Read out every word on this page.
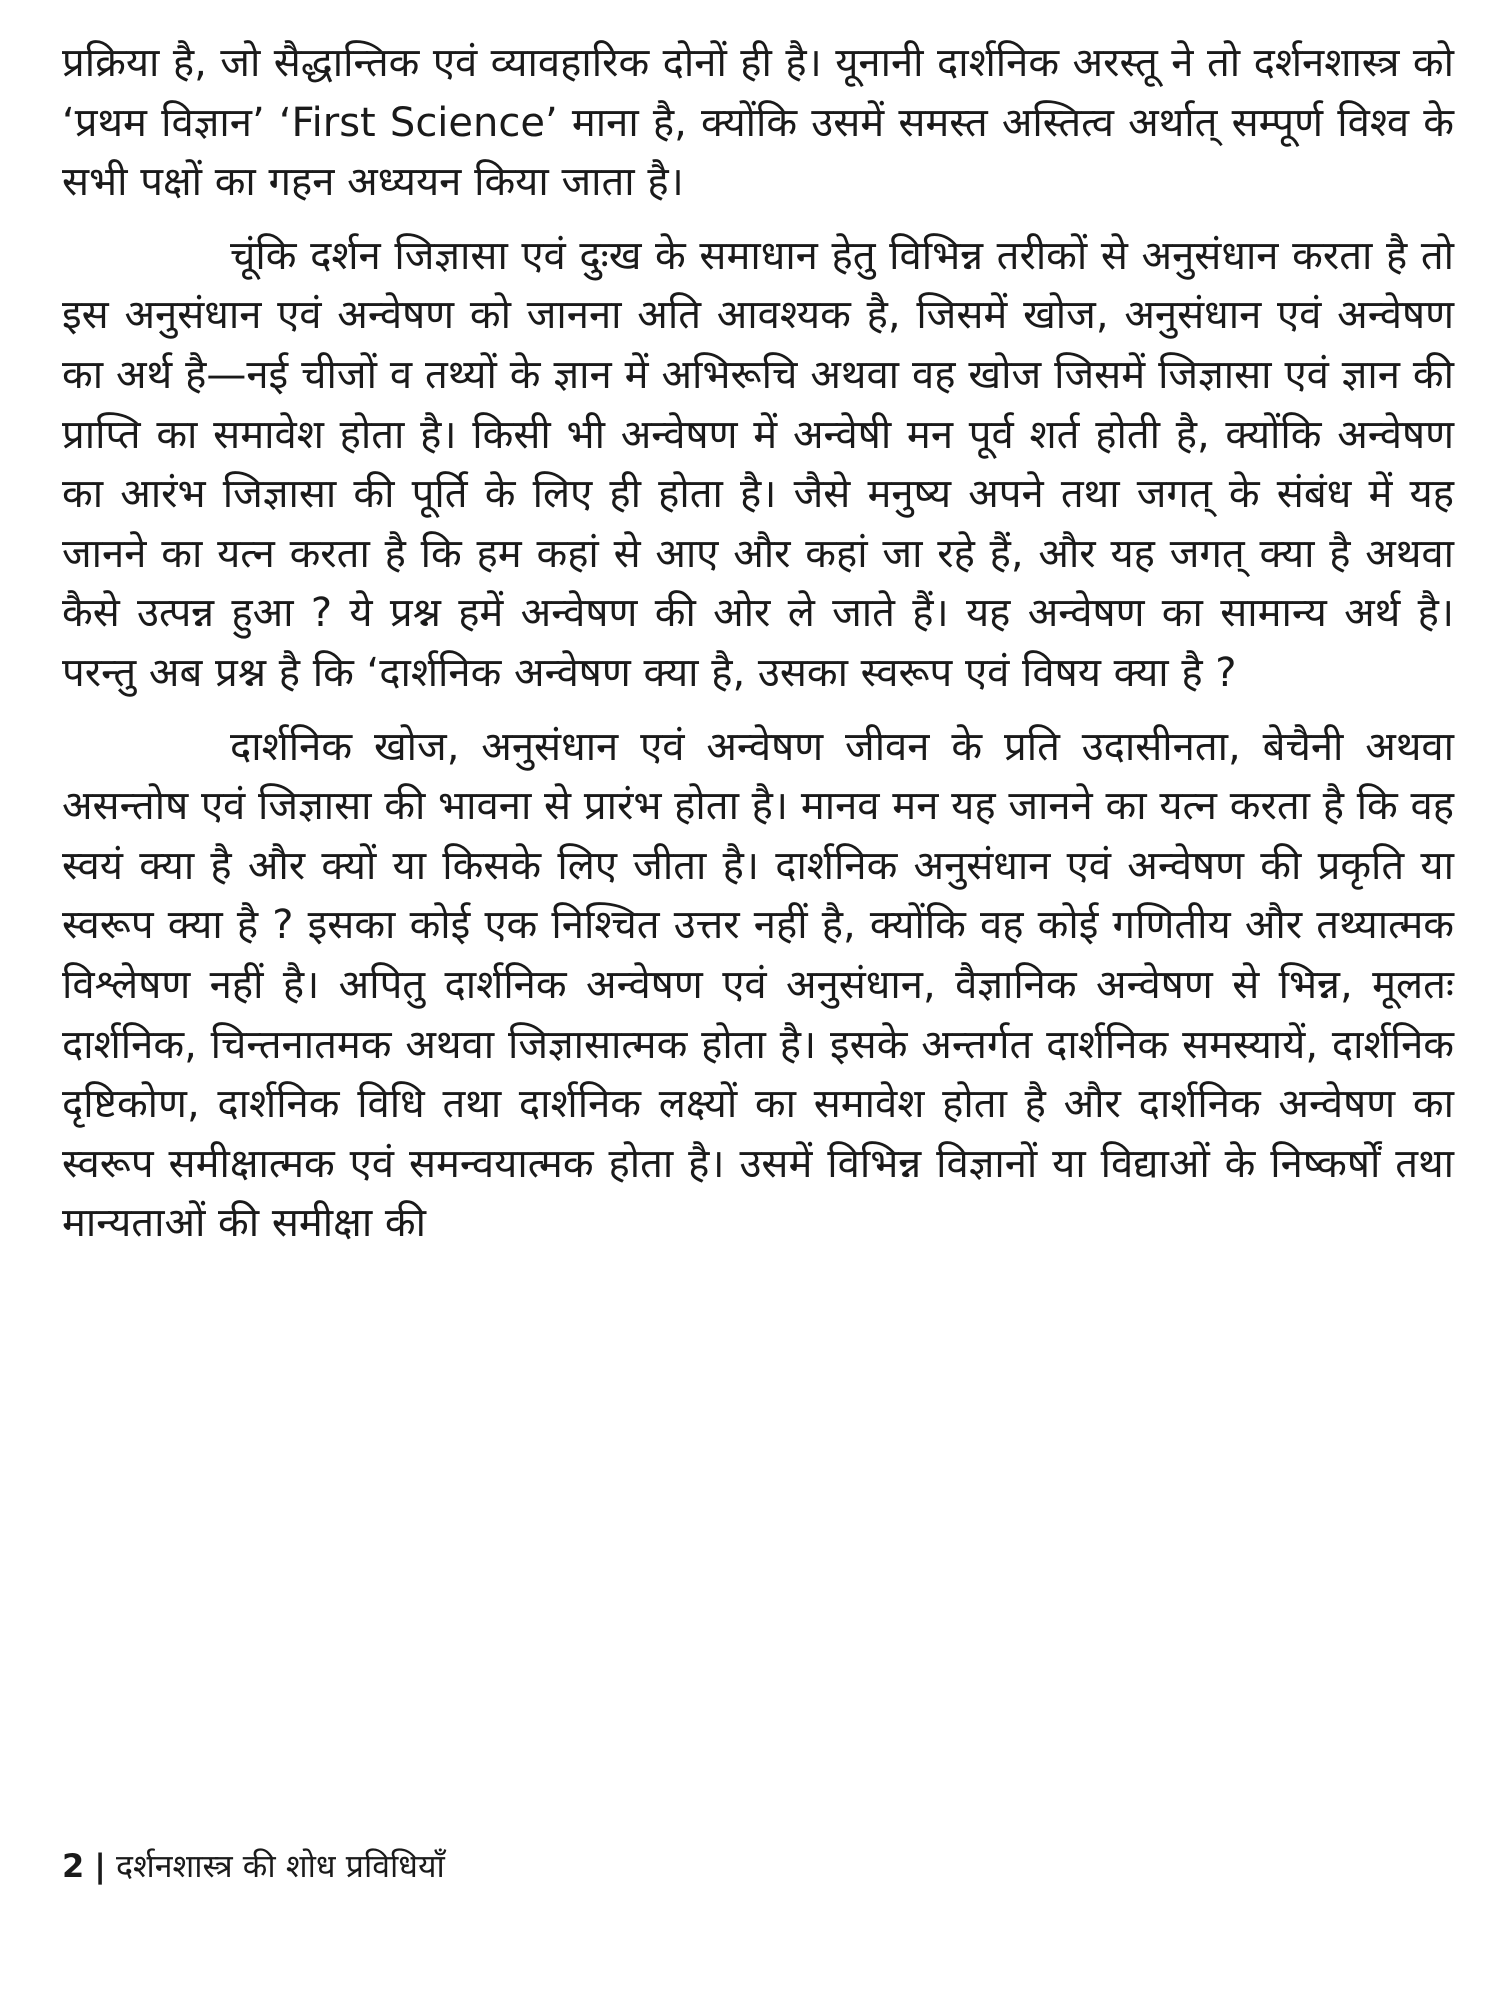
प्रक्रिया है, जो सैद्धान्तिक एवं व्यावहारिक दोनों ही है। यूनानी दार्शनिक अरस्तू ने तो दर्शनशास्त्र को ‘प्रथम विज्ञान’ ‘First Science’ माना है, क्योंकि उसमें समस्त अस्तित्व अर्थात् सम्पूर्ण विश्व के सभी पक्षों का गहन अध्ययन किया जाता है।

चूंकि दर्शन जिज्ञासा एवं दुःख के समाधान हेतु विभिन्न तरीकों से अनुसंधान करता है तो इस अनुसंधान एवं अन्वेषण को जानना अति आवश्यक है, जिसमें खोज, अनुसंधान एवं अन्वेषण का अर्थ है—नई चीजों व तथ्यों के ज्ञान में अभिरूचि अथवा वह खोज जिसमें जिज्ञासा एवं ज्ञान की प्राप्ति का समावेश होता है। किसी भी अन्वेषण में अन्वेषी मन पूर्व शर्त होती है, क्योंकि अन्वेषण का आरंभ जिज्ञासा की पूर्ति के लिए ही होता है। जैसे मनुष्य अपने तथा जगत् के संबंध में यह जानने का यत्न करता है कि हम कहां से आए और कहां जा रहे हैं, और यह जगत् क्या है अथवा कैसे उत्पन्न हुआ ? ये प्रश्न हमें अन्वेषण की ओर ले जाते हैं। यह अन्वेषण का सामान्य अर्थ है। परन्तु अब प्रश्न है कि ‘दार्शनिक अन्वेषण क्या है, उसका स्वरूप एवं विषय क्या है ?

दार्शनिक खोज, अनुसंधान एवं अन्वेषण जीवन के प्रति उदासीनता, बेचैनी अथवा असन्तोष एवं जिज्ञासा की भावना से प्रारंभ होता है। मानव मन यह जानने का यत्न करता है कि वह स्वयं क्या है और क्यों या किसके लिए जीता है। दार्शनिक अनुसंधान एवं अन्वेषण की प्रकृति या स्वरूप क्या है ? इसका कोई एक निश्चित उत्तर नहीं है, क्योंकि वह कोई गणितीय और तथ्यात्मक विश्लेषण नहीं है। अपितु दार्शनिक अन्वेषण एवं अनुसंधान, वैज्ञानिक अन्वेषण से भिन्न, मूलतः दार्शनिक, चिन्तनातमक अथवा जिज्ञासात्मक होता है। इसके अन्तर्गत दार्शनिक समस्यायें, दार्शनिक दृष्टिकोण, दार्शनिक विधि तथा दार्शनिक लक्ष्यों का समावेश होता है और दार्शनिक अन्वेषण का स्वरूप समीक्षात्मक एवं समन्वयात्मक होता है। उसमें विभिन्न विज्ञानों या विद्याओं के निष्कर्षों तथा मान्यताओं की समीक्षा की

2 | दर्शनशास्त्र की शोध प्रविधियाँ
